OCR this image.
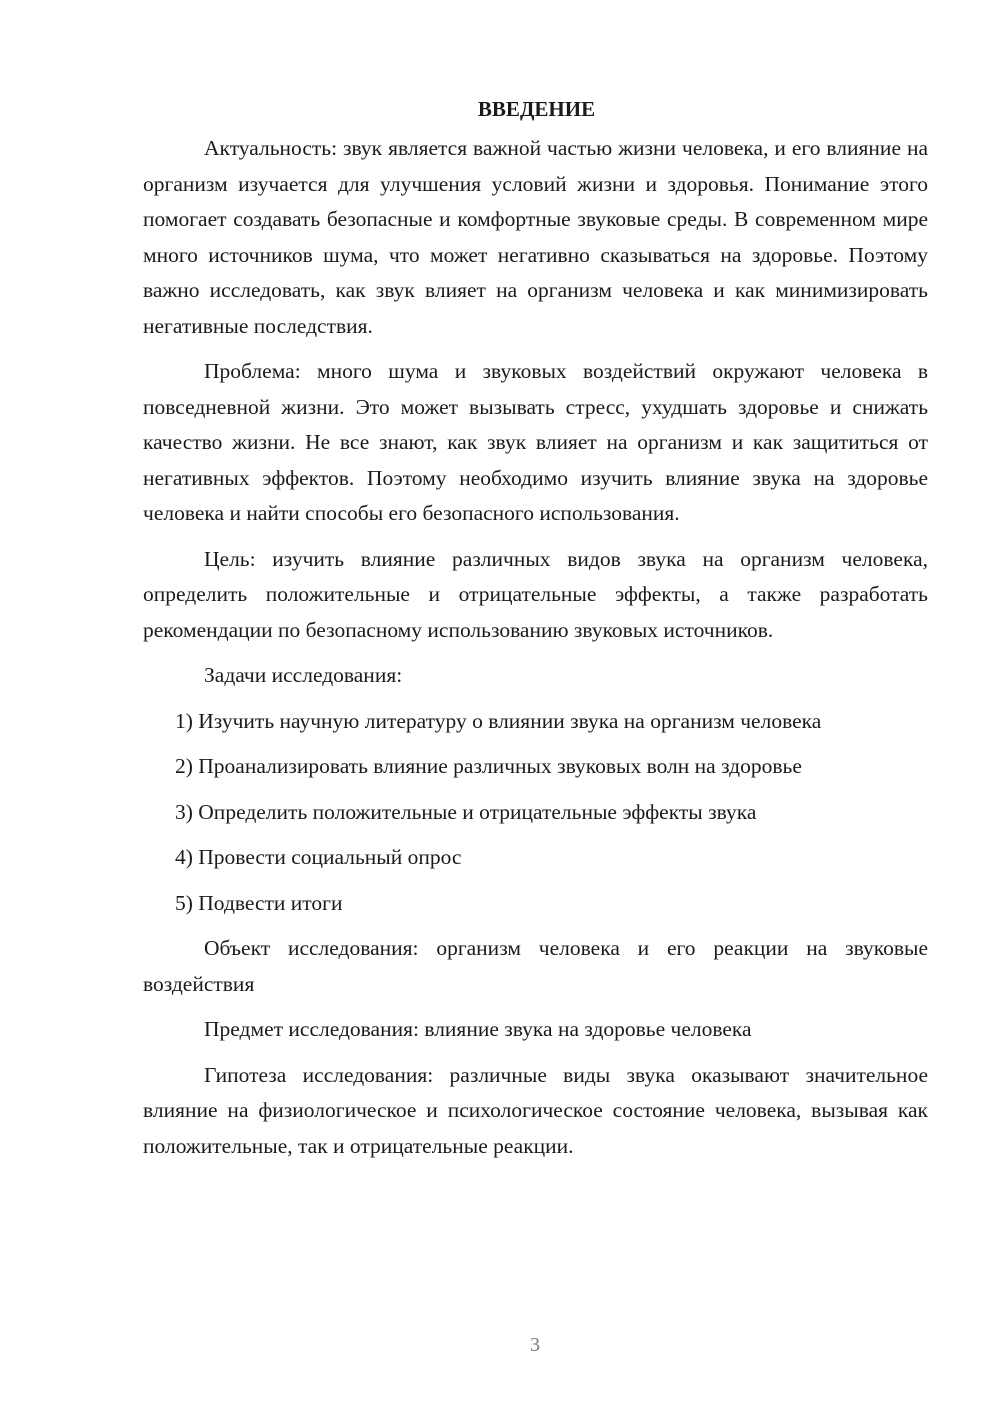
ВВЕДЕНИЕ

Актуальность: звук является важной частью жизни человека, и его влияние на организм изучается для улучшения условий жизни и здоровья. Понимание этого помогает создавать безопасные и комфортные звуковые среды. В современном мире много источников шума, что может негативно сказываться на здоровье. Поэтому важно исследовать, как звук влияет на организм человека и как минимизировать негативные последствия.

Проблема: много шума и звуковых воздействий окружают человека в повседневной жизни. Это может вызывать стресс, ухудшать здоровье и снижать качество жизни. Не все знают, как звук влияет на организм и как защититься от негативных эффектов. Поэтому необходимо изучить влияние звука на здоровье человека и найти способы его безопасного использования.

Цель: изучить влияние различных видов звука на организм человека, определить положительные и отрицательные эффекты, а также разработать рекомендации по безопасному использованию звуковых источников.

Задачи исследования:

1) Изучить научную литературу о влиянии звука на организм человека
2) Проанализировать влияние различных звуковых волн на здоровье
3) Определить положительные и отрицательные эффекты звука
4) Провести социальный опрос
5) Подвести итоги

Объект исследования: организм человека и его реакции на звуковые воздействия

Предмет исследования: влияние звука на здоровье человека

Гипотеза исследования: различные виды звука оказывают значительное влияние на физиологическое и психологическое состояние человека, вызывая как положительные, так и отрицательные реакции.

3
